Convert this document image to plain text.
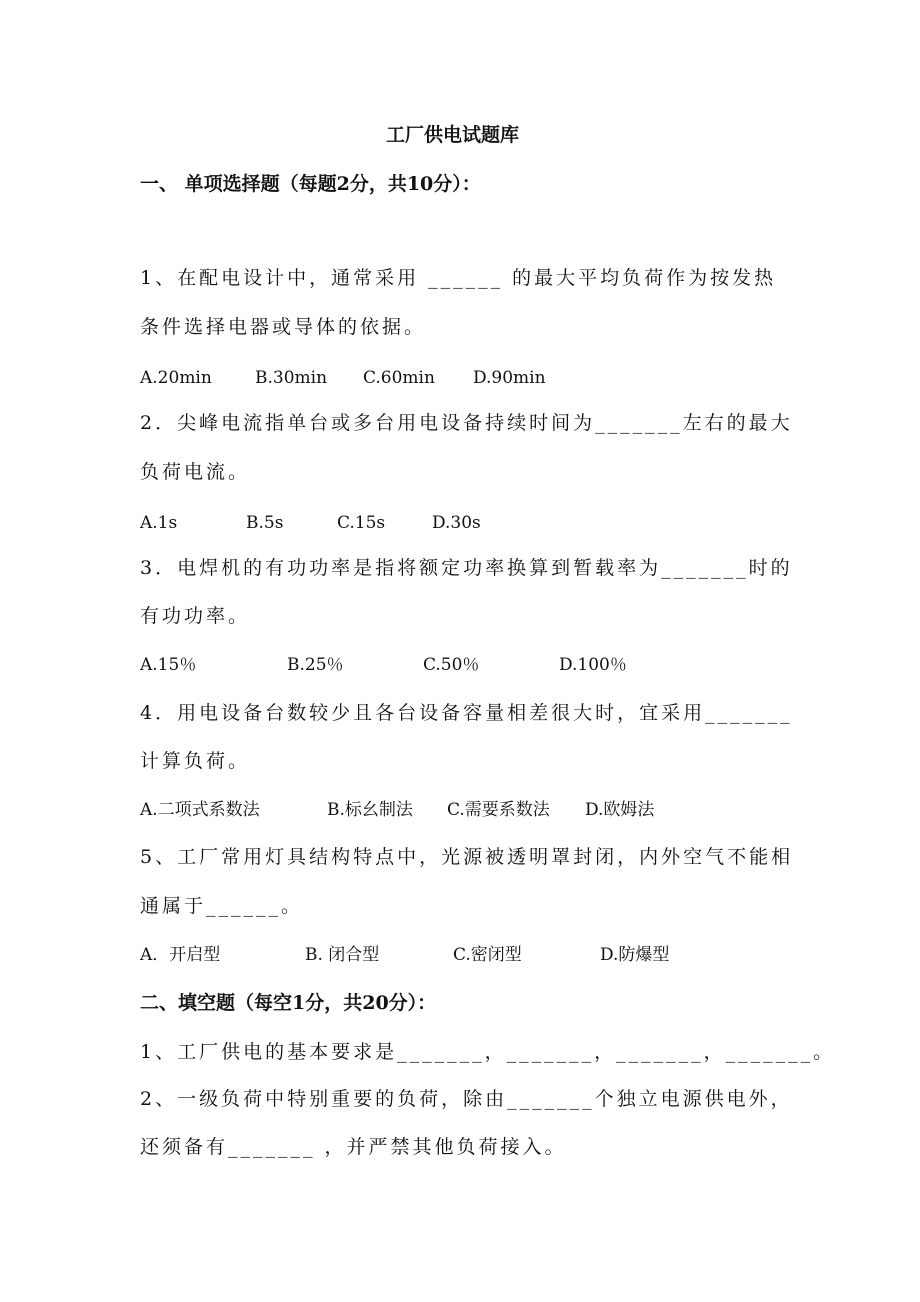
工厂供电试题库
一、 单项选择题（每题2分，共10分）：
1、在配电设计中，通常采用 ______ 的最大平均负荷作为按发热
条件选择电器或导体的依据。
A.20min	B.30min C.60min D.90min
2．尖峰电流指单台或多台用电设备持续时间为_______左右的最大
负荷电流。
A.1s	B.5s	C.15s	D.30s
3．电焊机的有功功率是指将额定功率换算到暂载率为_______时的
有功功率。
A.15％	B.25％	C.50％	D.100％
4．用电设备台数较少且各台设备容量相差很大时，宜采用_______
计算负荷。
A.二项式系数法	B.标幺制法 C.需要系数法 D.欧姆法
5、工厂常用灯具结构特点中，光源被透明罩封闭，内外空气不能相
通属于______。
A．开启型	B. 闭合型	C.密闭型	D.防爆型
二、填空题（每空1分，共20分）：
1、工厂供电的基本要求是_______，_______，_______，_______。
2、一级负荷中特别重要的负荷，除由_______个独立电源供电外，
还须备有_______ ，并严禁其他负荷接入。
